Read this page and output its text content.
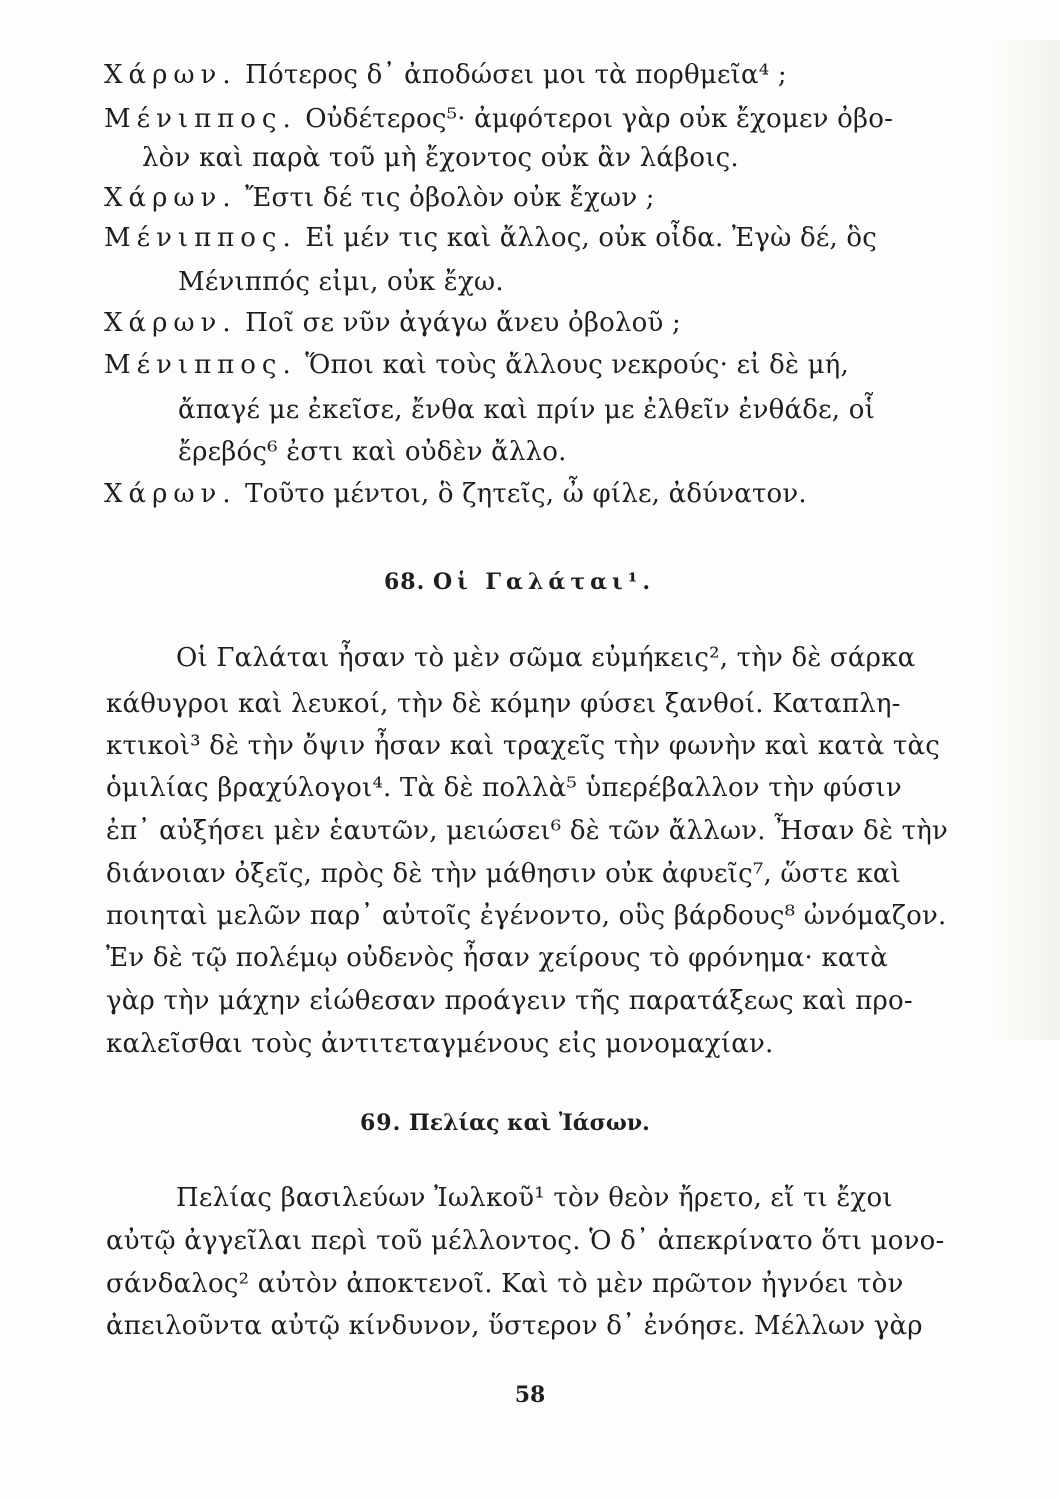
Χάρων. Πότερος δ᾽ ἀποδώσει μοι τὰ πορθμεῖα⁴ ;
Μένιππος. Οὐδέτερος⁵· ἀμφότεροι γὰρ οὐκ ἔχομεν ὀβο-
λὸν καὶ παρὰ τοῦ μὴ ἔχοντος οὐκ ἂν λάβοις.
Χάρων. Ἔστι δέ τις ὀβολὸν οὐκ ἔχων ;
Μένιππος. Εἰ μέν τις καὶ ἄλλος, οὐκ οἶδα. Ἐγὼ δέ, ὃς
Μένιππός εἰμι, οὐκ ἔχω.
Χάρων. Ποῖ σε νῦν ἀγάγω ἄνευ ὀβολοῦ ;
Μένιππος. Ὅποι καὶ τοὺς ἄλλους νεκρούς· εἰ δὲ μή,
ἄπαγέ με ἐκεῖσε, ἔνθα καὶ πρίν με ἐλθεῖν ἐνθάδε, οἷ
ἔρεβός⁶ ἐστι καὶ οὐδὲν ἄλλο.
Χάρων. Τοῦτο μέντοι, ὃ ζητεῖς, ὦ φίλε, ἀδύνατον.
68. Οἱ Γαλάται¹.
Οἱ Γαλάται ἦσαν τὸ μὲν σῶμα εὐμήκεις², τὴν δὲ σάρκα
κάθυγροι καὶ λευκοί, τὴν δὲ κόμην φύσει ξανθοί. Καταπλη-
κτικοὶ³ δὲ τὴν ὄψιν ἦσαν καὶ τραχεῖς τὴν φωνὴν καὶ κατὰ τὰς
ὁμιλίας βραχύλογοι⁴. Τὰ δὲ πολλὰ⁵ ὑπερέβαλλον τὴν φύσιν
ἐπ᾽ αὐξήσει μὲν ἑαυτῶν, μειώσει⁶ δὲ τῶν ἄλλων. Ἦσαν δὲ τὴν
διάνοιαν ὀξεῖς, πρὸς δὲ τὴν μάθησιν οὐκ ἀφυεῖς⁷, ὥστε καὶ
ποιηταὶ μελῶν παρ᾽ αὐτοῖς ἐγένοντο, οὓς βάρδους⁸ ὠνόμαζον.
Ἐν δὲ τῷ πολέμῳ οὐδενὸς ἦσαν χείρους τὸ φρόνημα· κατὰ
γὰρ τὴν μάχην εἰώθεσαν προάγειν τῆς παρατάξεως καὶ προ-
καλεῖσθαι τοὺς ἀντιτεταγμένους εἰς μονομαχίαν.
69. Πελίας καὶ Ἰάσων.
Πελίας βασιλεύων Ἰωλκοῦ¹ τὸν θεὸν ἤρετο, εἴ τι ἔχοι
αὐτῷ ἀγγεῖλαι περὶ τοῦ μέλλοντος. Ὁ δ᾽ ἀπεκρίνατο ὅτι μονο-
σάνδαλος² αὐτὸν ἀποκτενοῖ. Καὶ τὸ μὲν πρῶτον ἠγνόει τὸν
ἀπειλοῦντα αὐτῷ κίνδυνον, ὕστερον δ᾽ ἐνόησε. Μέλλων γὰρ
58
